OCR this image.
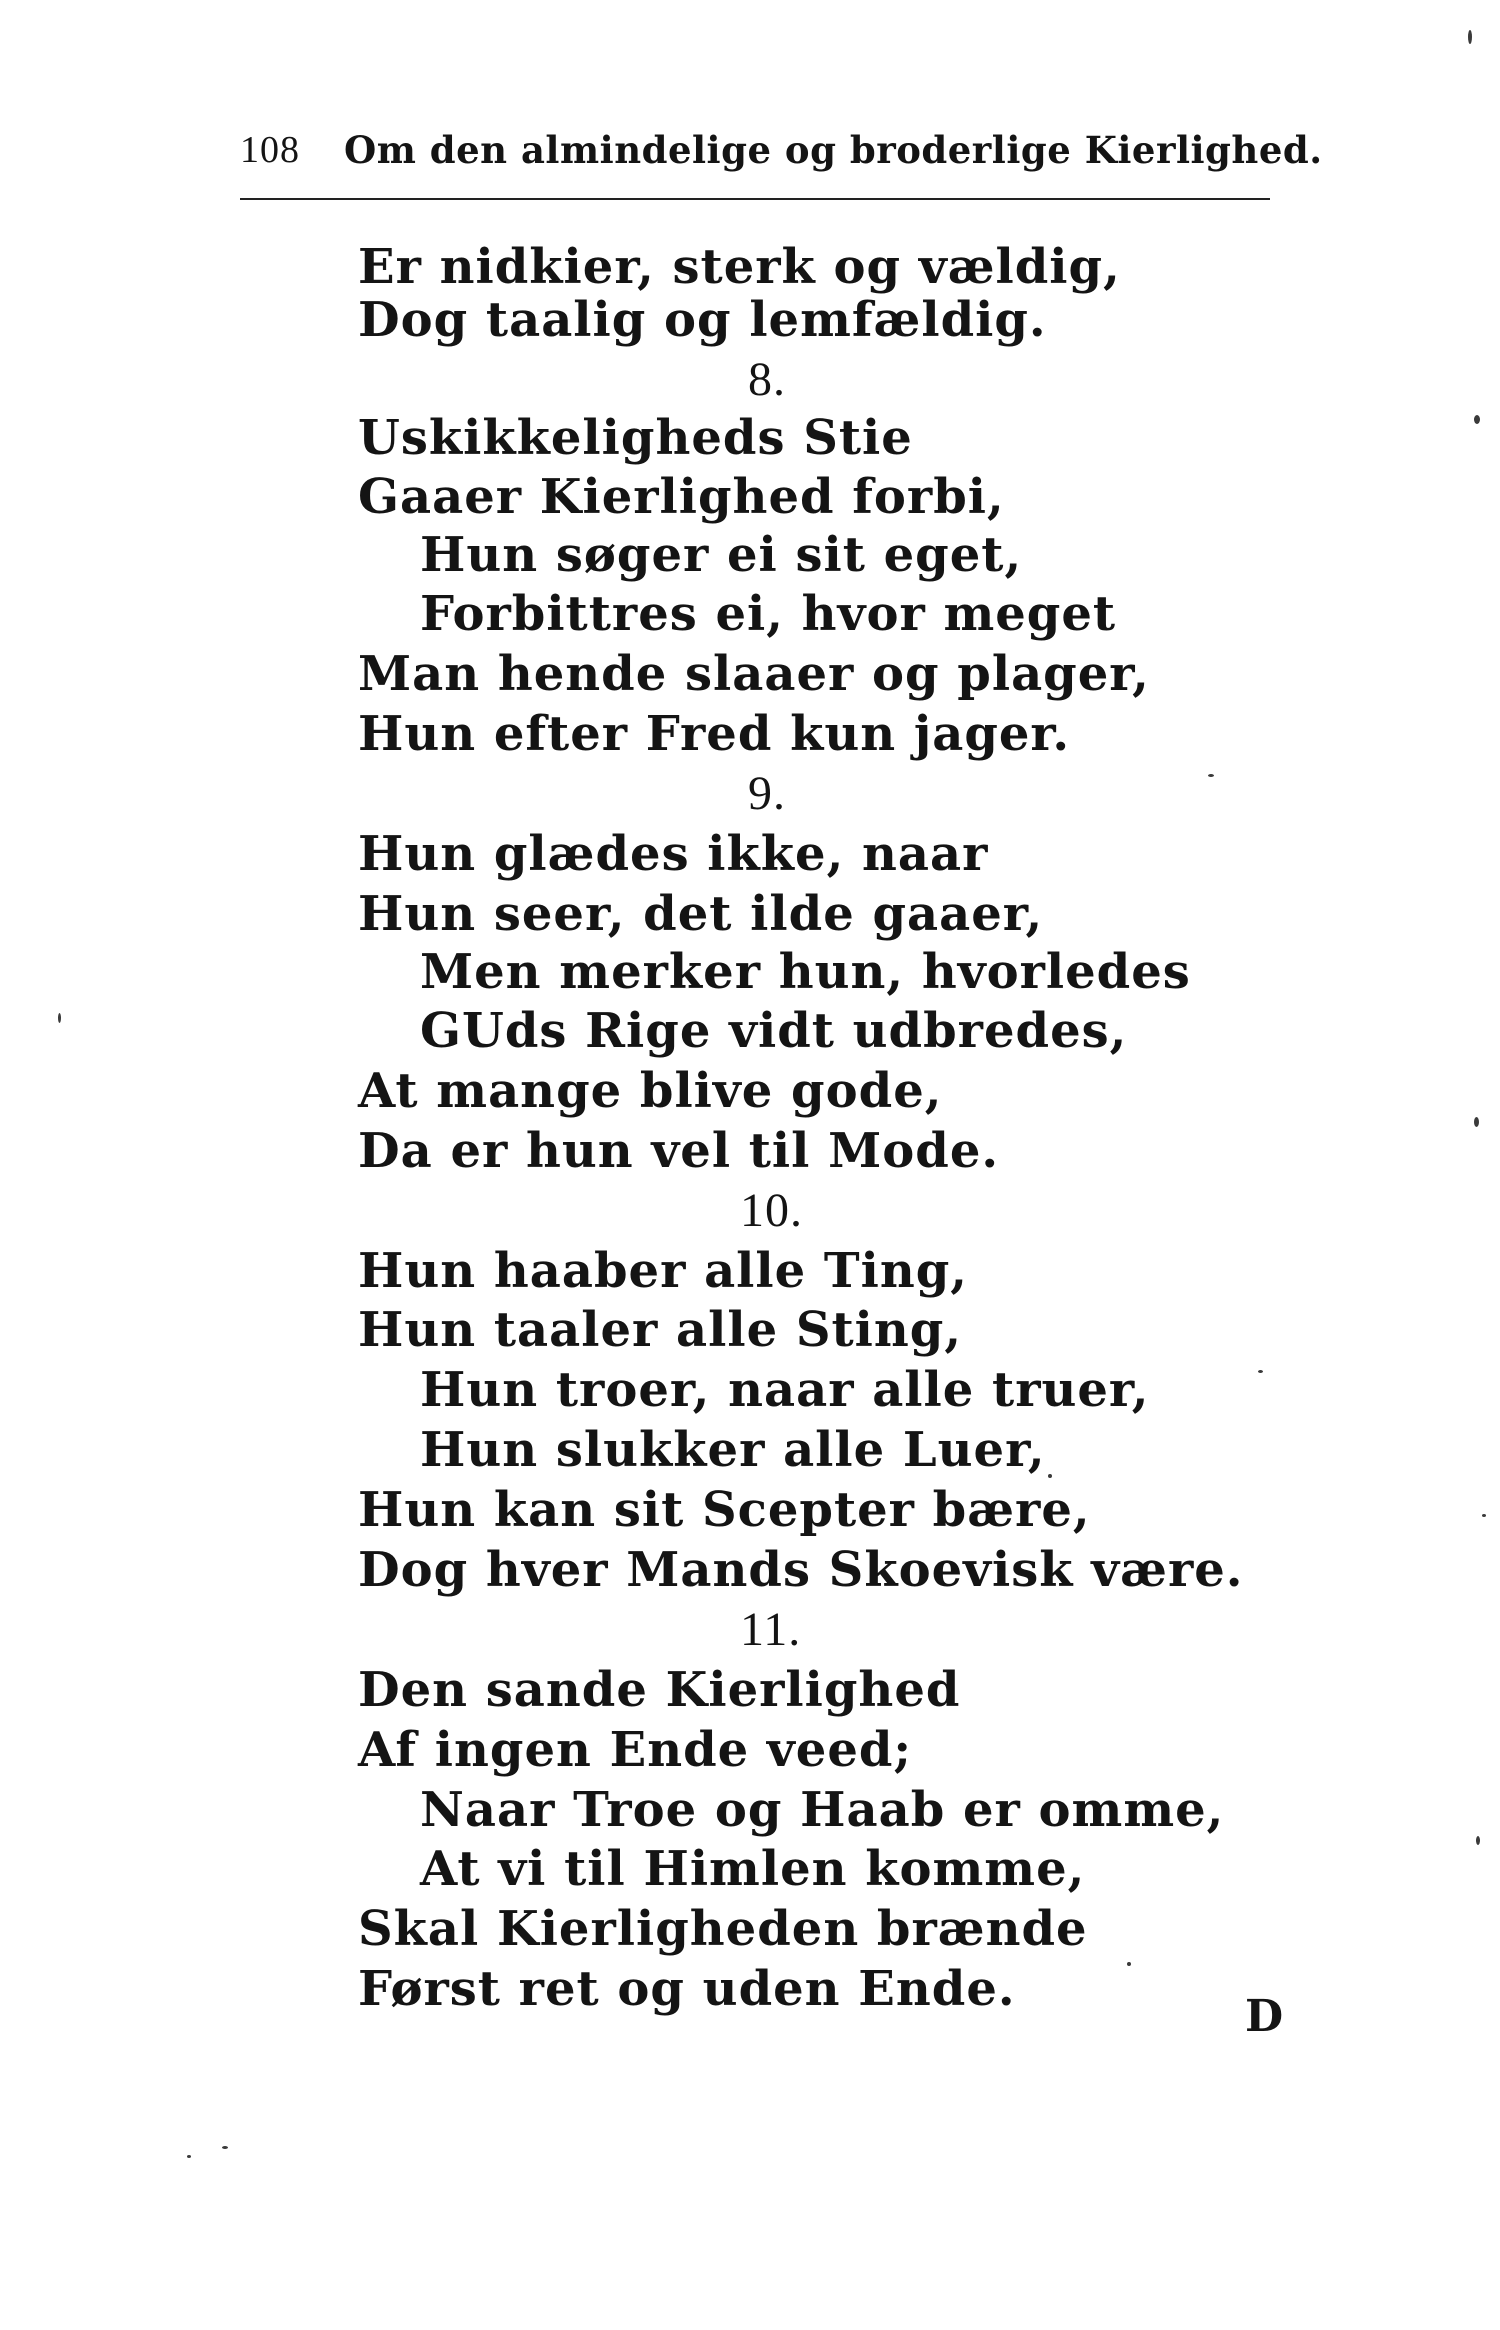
108 Om den almindelige og broderlige Kierlighed.
Er nidkier, sterk og vældig,
Dog taalig og lemfældig.
8.
Uskikkeligheds Stie
Gaaer Kierlighed forbi,
Hun søger ei sit eget,
Forbittres ei, hvor meget
Man hende slaaer og plager,
Hun efter Fred kun jager.
9.
Hun glædes ikke, naar
Hun seer, det ilde gaaer,
Men merker hun, hvorledes
GUds Rige vidt udbredes,
At mange blive gode,
Da er hun vel til Mode.
10.
Hun haaber alle Ting,
Hun taaler alle Sting,
Hun troer, naar alle truer,
Hun slukker alle Luer,
Hun kan sit Scepter bære,
Dog hver Mands Skoevisk være.
11.
Den sande Kierlighed
Af ingen Ende veed;
Naar Troe og Haab er omme,
At vi til Himlen komme,
Skal Kierligheden brænde
Først ret og uden Ende.	D
